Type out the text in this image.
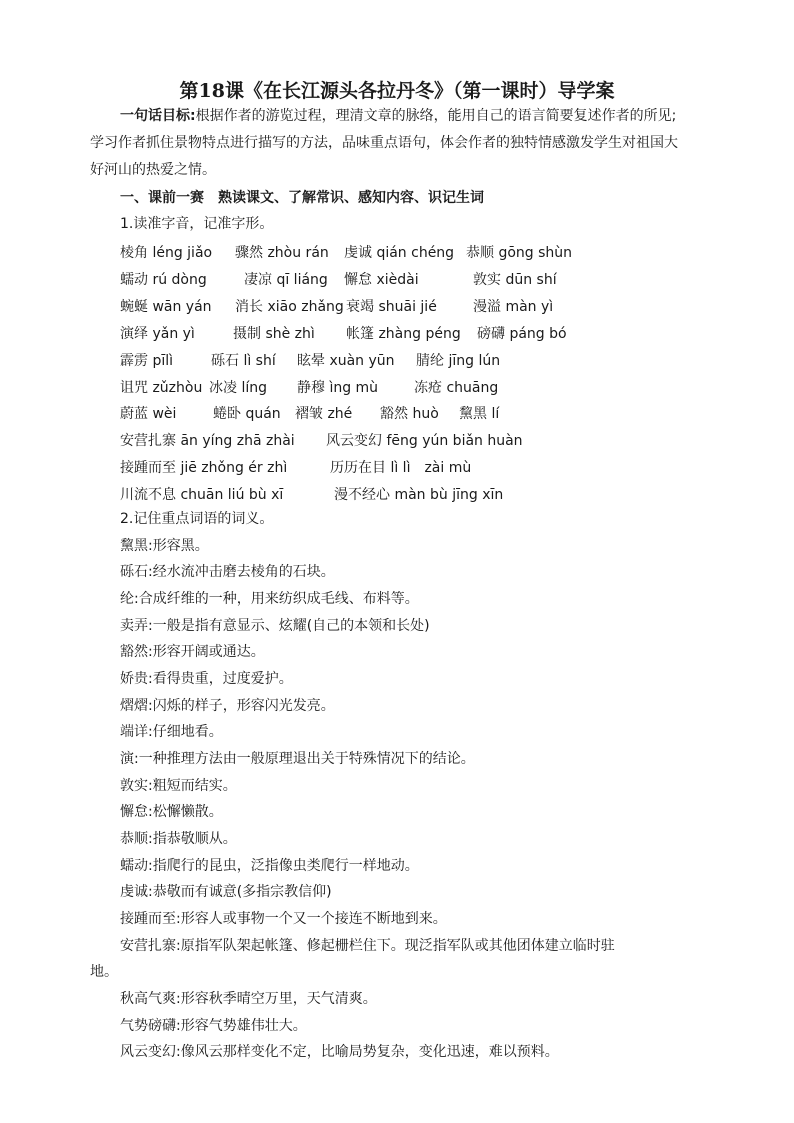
第18课《在长江源头各拉丹冬》（第一课时）导学案
一句话目标:根据作者的游览过程，理清文章的脉络，能用自己的语言简要复述作者的所见;
学习作者抓住景物特点进行描写的方法，品味重点语句，体会作者的独特情感激发学生对祖国大
好河山的热爱之情。
一、课前一赛　熟读课文、了解常识、感知内容、识记生词
1.读准字音，记准字形。
棱角 léng jiǎo 骤然 zhòu rán 虔诚 qián chéng 恭顺 gōng shùn
蠕动 rú dòng	凄凉 qī liáng 懈怠 xièdài	敦实 dūn shí
蜿蜒 wān yán 消长 xiāo zhǎng 衰竭 shuāi jié	漫溢 màn yì
演绎 yǎn yì	摄制 shè zhì 帐篷 zhàng péng 磅礴 páng bó
霹雳 pīlì	砾石 lì shí 眩晕 xuàn yūn 腈纶 jīng lún
诅咒 zǔzhòu 冰凌 líng 静穆 ìng mù	冻疮 chuāng
蔚蓝 wèi	蜷卧 quán 褶皱 zhé 豁然 huò 黧黑 lí
安营扎寨 ān yíng zhā zhài 风云变幻 fēng yún biǎn huàn
接踵而至 jiē zhǒng ér zhì	历历在目 lì lì　zài mù
川流不息 chuān liú bù xī	漫不经心 màn bù jīng xīn
2.记住重点词语的词义。
黧黑:形容黑。
砾石:经水流冲击磨去棱角的石块。
纶:合成纤维的一种，用来纺织成毛线、布料等。
卖弄:一般是指有意显示、炫耀(自己的本领和长处)
豁然:形容开阔或通达。
娇贵:看得贵重，过度爱护。
熠熠:闪烁的样子，形容闪光发亮。
端详:仔细地看。
演:一种推理方法由一般原理退出关于特殊情况下的结论。
敦实:粗短而结实。
懈怠:松懈懒散。
恭顺:指恭敬顺从。
蠕动:指爬行的昆虫，泛指像虫类爬行一样地动。
虔诚:恭敬而有诚意(多指宗教信仰)
接踵而至:形容人或事物一个又一个接连不断地到来。
安营扎寨:原指军队架起帐篷、修起栅栏住下。现泛指军队或其他团体建立临时驻
地。
秋高气爽:形容秋季晴空万里，天气清爽。
气势磅礴:形容气势雄伟壮大。
风云变幻:像风云那样变化不定，比喻局势复杂，变化迅速，难以预料。
